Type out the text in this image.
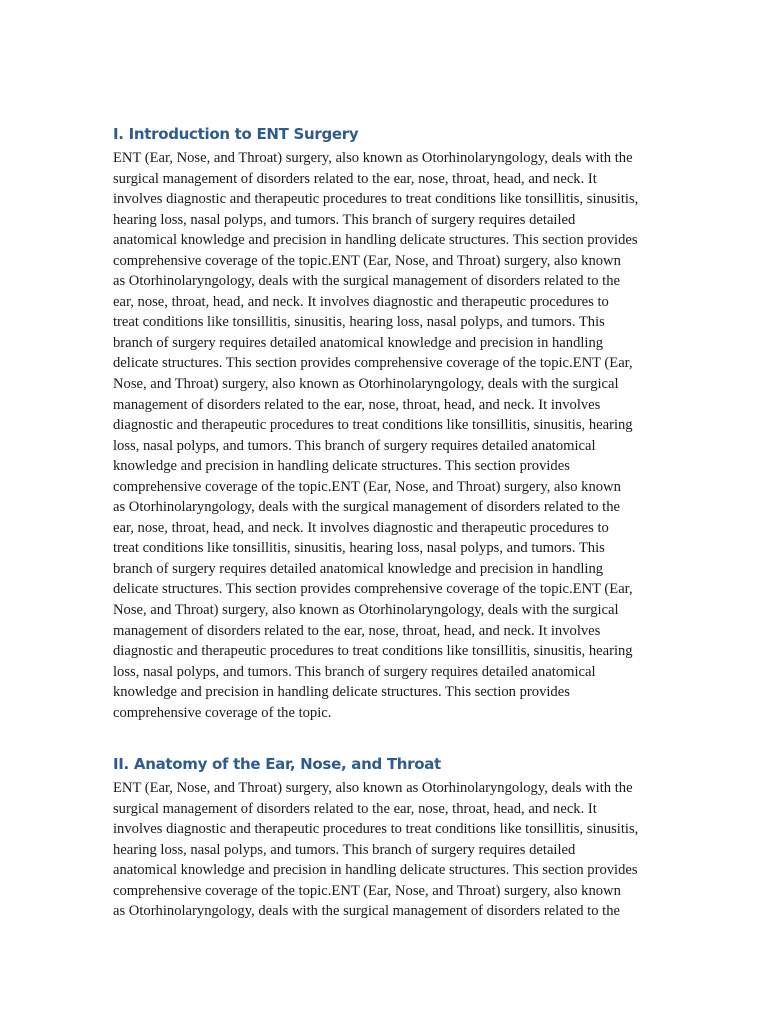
I. Introduction to ENT Surgery
ENT (Ear, Nose, and Throat) surgery, also known as Otorhinolaryngology, deals with the
surgical management of disorders related to the ear, nose, throat, head, and neck. It
involves diagnostic and therapeutic procedures to treat conditions like tonsillitis, sinusitis,
hearing loss, nasal polyps, and tumors. This branch of surgery requires detailed
anatomical knowledge and precision in handling delicate structures. This section provides
comprehensive coverage of the topic.ENT (Ear, Nose, and Throat) surgery, also known
as Otorhinolaryngology, deals with the surgical management of disorders related to the
ear, nose, throat, head, and neck. It involves diagnostic and therapeutic procedures to
treat conditions like tonsillitis, sinusitis, hearing loss, nasal polyps, and tumors. This
branch of surgery requires detailed anatomical knowledge and precision in handling
delicate structures. This section provides comprehensive coverage of the topic.ENT (Ear,
Nose, and Throat) surgery, also known as Otorhinolaryngology, deals with the surgical
management of disorders related to the ear, nose, throat, head, and neck. It involves
diagnostic and therapeutic procedures to treat conditions like tonsillitis, sinusitis, hearing
loss, nasal polyps, and tumors. This branch of surgery requires detailed anatomical
knowledge and precision in handling delicate structures. This section provides
comprehensive coverage of the topic.ENT (Ear, Nose, and Throat) surgery, also known
as Otorhinolaryngology, deals with the surgical management of disorders related to the
ear, nose, throat, head, and neck. It involves diagnostic and therapeutic procedures to
treat conditions like tonsillitis, sinusitis, hearing loss, nasal polyps, and tumors. This
branch of surgery requires detailed anatomical knowledge and precision in handling
delicate structures. This section provides comprehensive coverage of the topic.ENT (Ear,
Nose, and Throat) surgery, also known as Otorhinolaryngology, deals with the surgical
management of disorders related to the ear, nose, throat, head, and neck. It involves
diagnostic and therapeutic procedures to treat conditions like tonsillitis, sinusitis, hearing
loss, nasal polyps, and tumors. This branch of surgery requires detailed anatomical
knowledge and precision in handling delicate structures. This section provides
comprehensive coverage of the topic.
II. Anatomy of the Ear, Nose, and Throat
ENT (Ear, Nose, and Throat) surgery, also known as Otorhinolaryngology, deals with the
surgical management of disorders related to the ear, nose, throat, head, and neck. It
involves diagnostic and therapeutic procedures to treat conditions like tonsillitis, sinusitis,
hearing loss, nasal polyps, and tumors. This branch of surgery requires detailed
anatomical knowledge and precision in handling delicate structures. This section provides
comprehensive coverage of the topic.ENT (Ear, Nose, and Throat) surgery, also known
as Otorhinolaryngology, deals with the surgical management of disorders related to the
